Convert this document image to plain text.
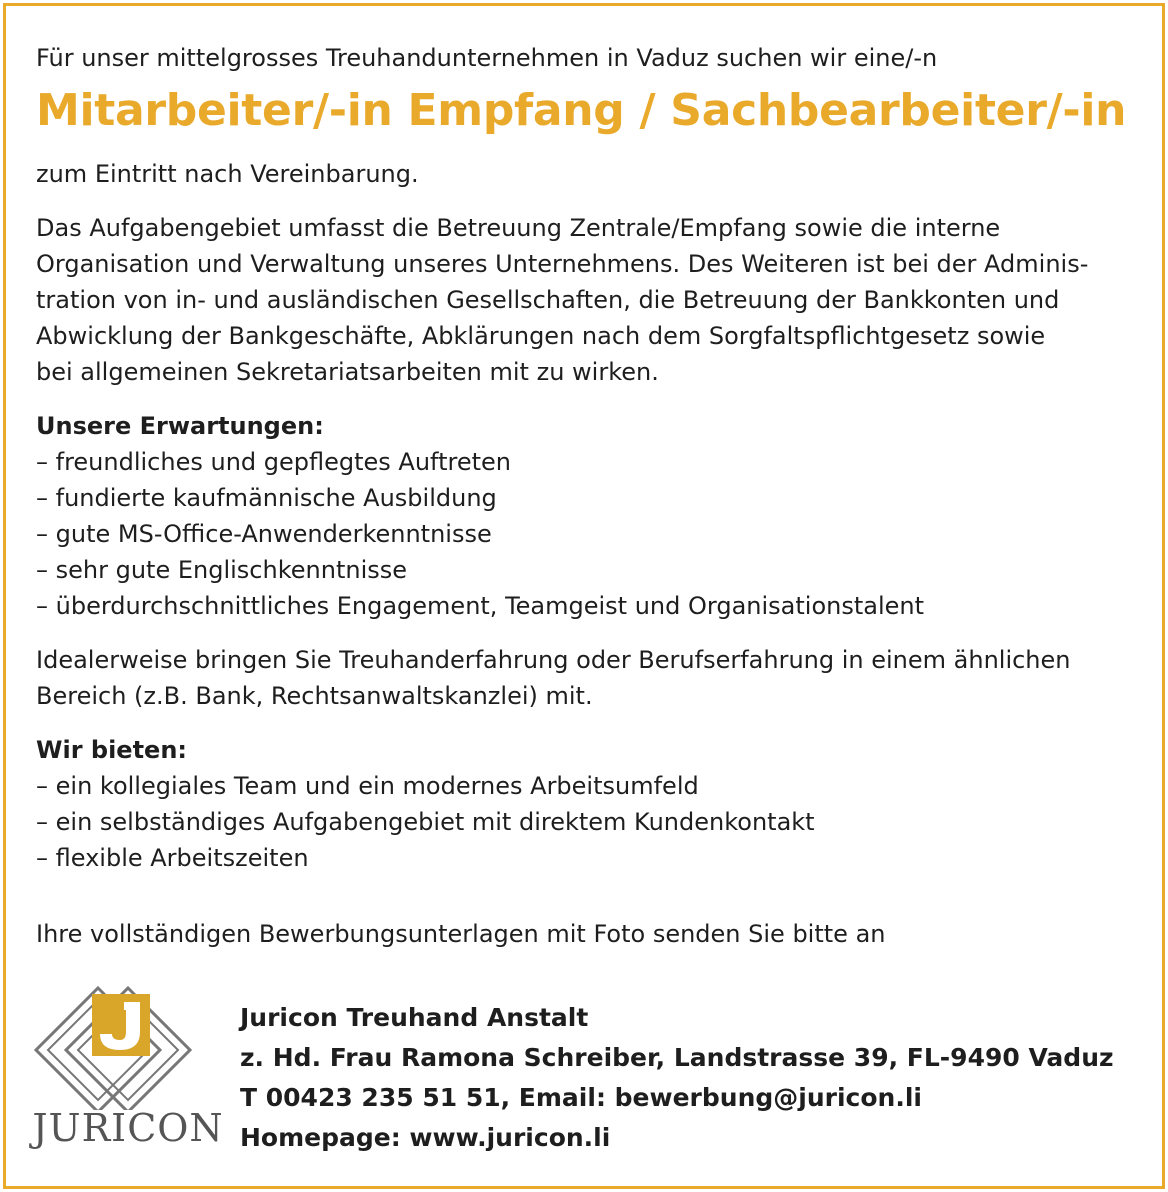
Für unser mittelgrosses Treuhandunternehmen in Vaduz suchen wir eine/-n

Mitarbeiter/-in Empfang / Sachbearbeiter/-in

zum Eintritt nach Vereinbarung.

Das Aufgabengebiet umfasst die Betreuung Zentrale/Empfang sowie die interne
Organisation und Verwaltung unseres Unternehmens. Des Weiteren ist bei der Adminis-
tration von in- und ausländischen Gesellschaften, die Betreuung der Bankkonten und
Abwicklung der Bankgeschäfte, Abklärungen nach dem Sorgfaltspflichtgesetz sowie
bei allgemeinen Sekretariatsarbeiten mit zu wirken.
Unsere Erwartungen:
– freundliches und gepflegtes Auftreten
– fundierte kaufmännische Ausbildung
– gute MS-Office-Anwenderkenntnisse
– sehr gute Englischkenntnisse
– überdurchschnittliches Engagement, Teamgeist und Organisationstalent
Idealerweise bringen Sie Treuhanderfahrung oder Berufserfahrung in einem ähnlichen
Bereich (z.B. Bank, Rechtsanwaltskanzlei) mit.
Wir bieten:
– ein kollegiales Team und ein modernes Arbeitsumfeld
– ein selbständiges Aufgabengebiet mit direktem Kundenkontakt
– flexible Arbeitszeiten

Ihre vollständigen Bewerbungsunterlagen mit Foto senden Sie bitte an

JURICON
Juricon Treuhand Anstalt
z. Hd. Frau Ramona Schreiber, Landstrasse 39, FL-9490 Vaduz
T 00423 235 51 51, Email: bewerbung@juricon.li
Homepage: www.juricon.li
